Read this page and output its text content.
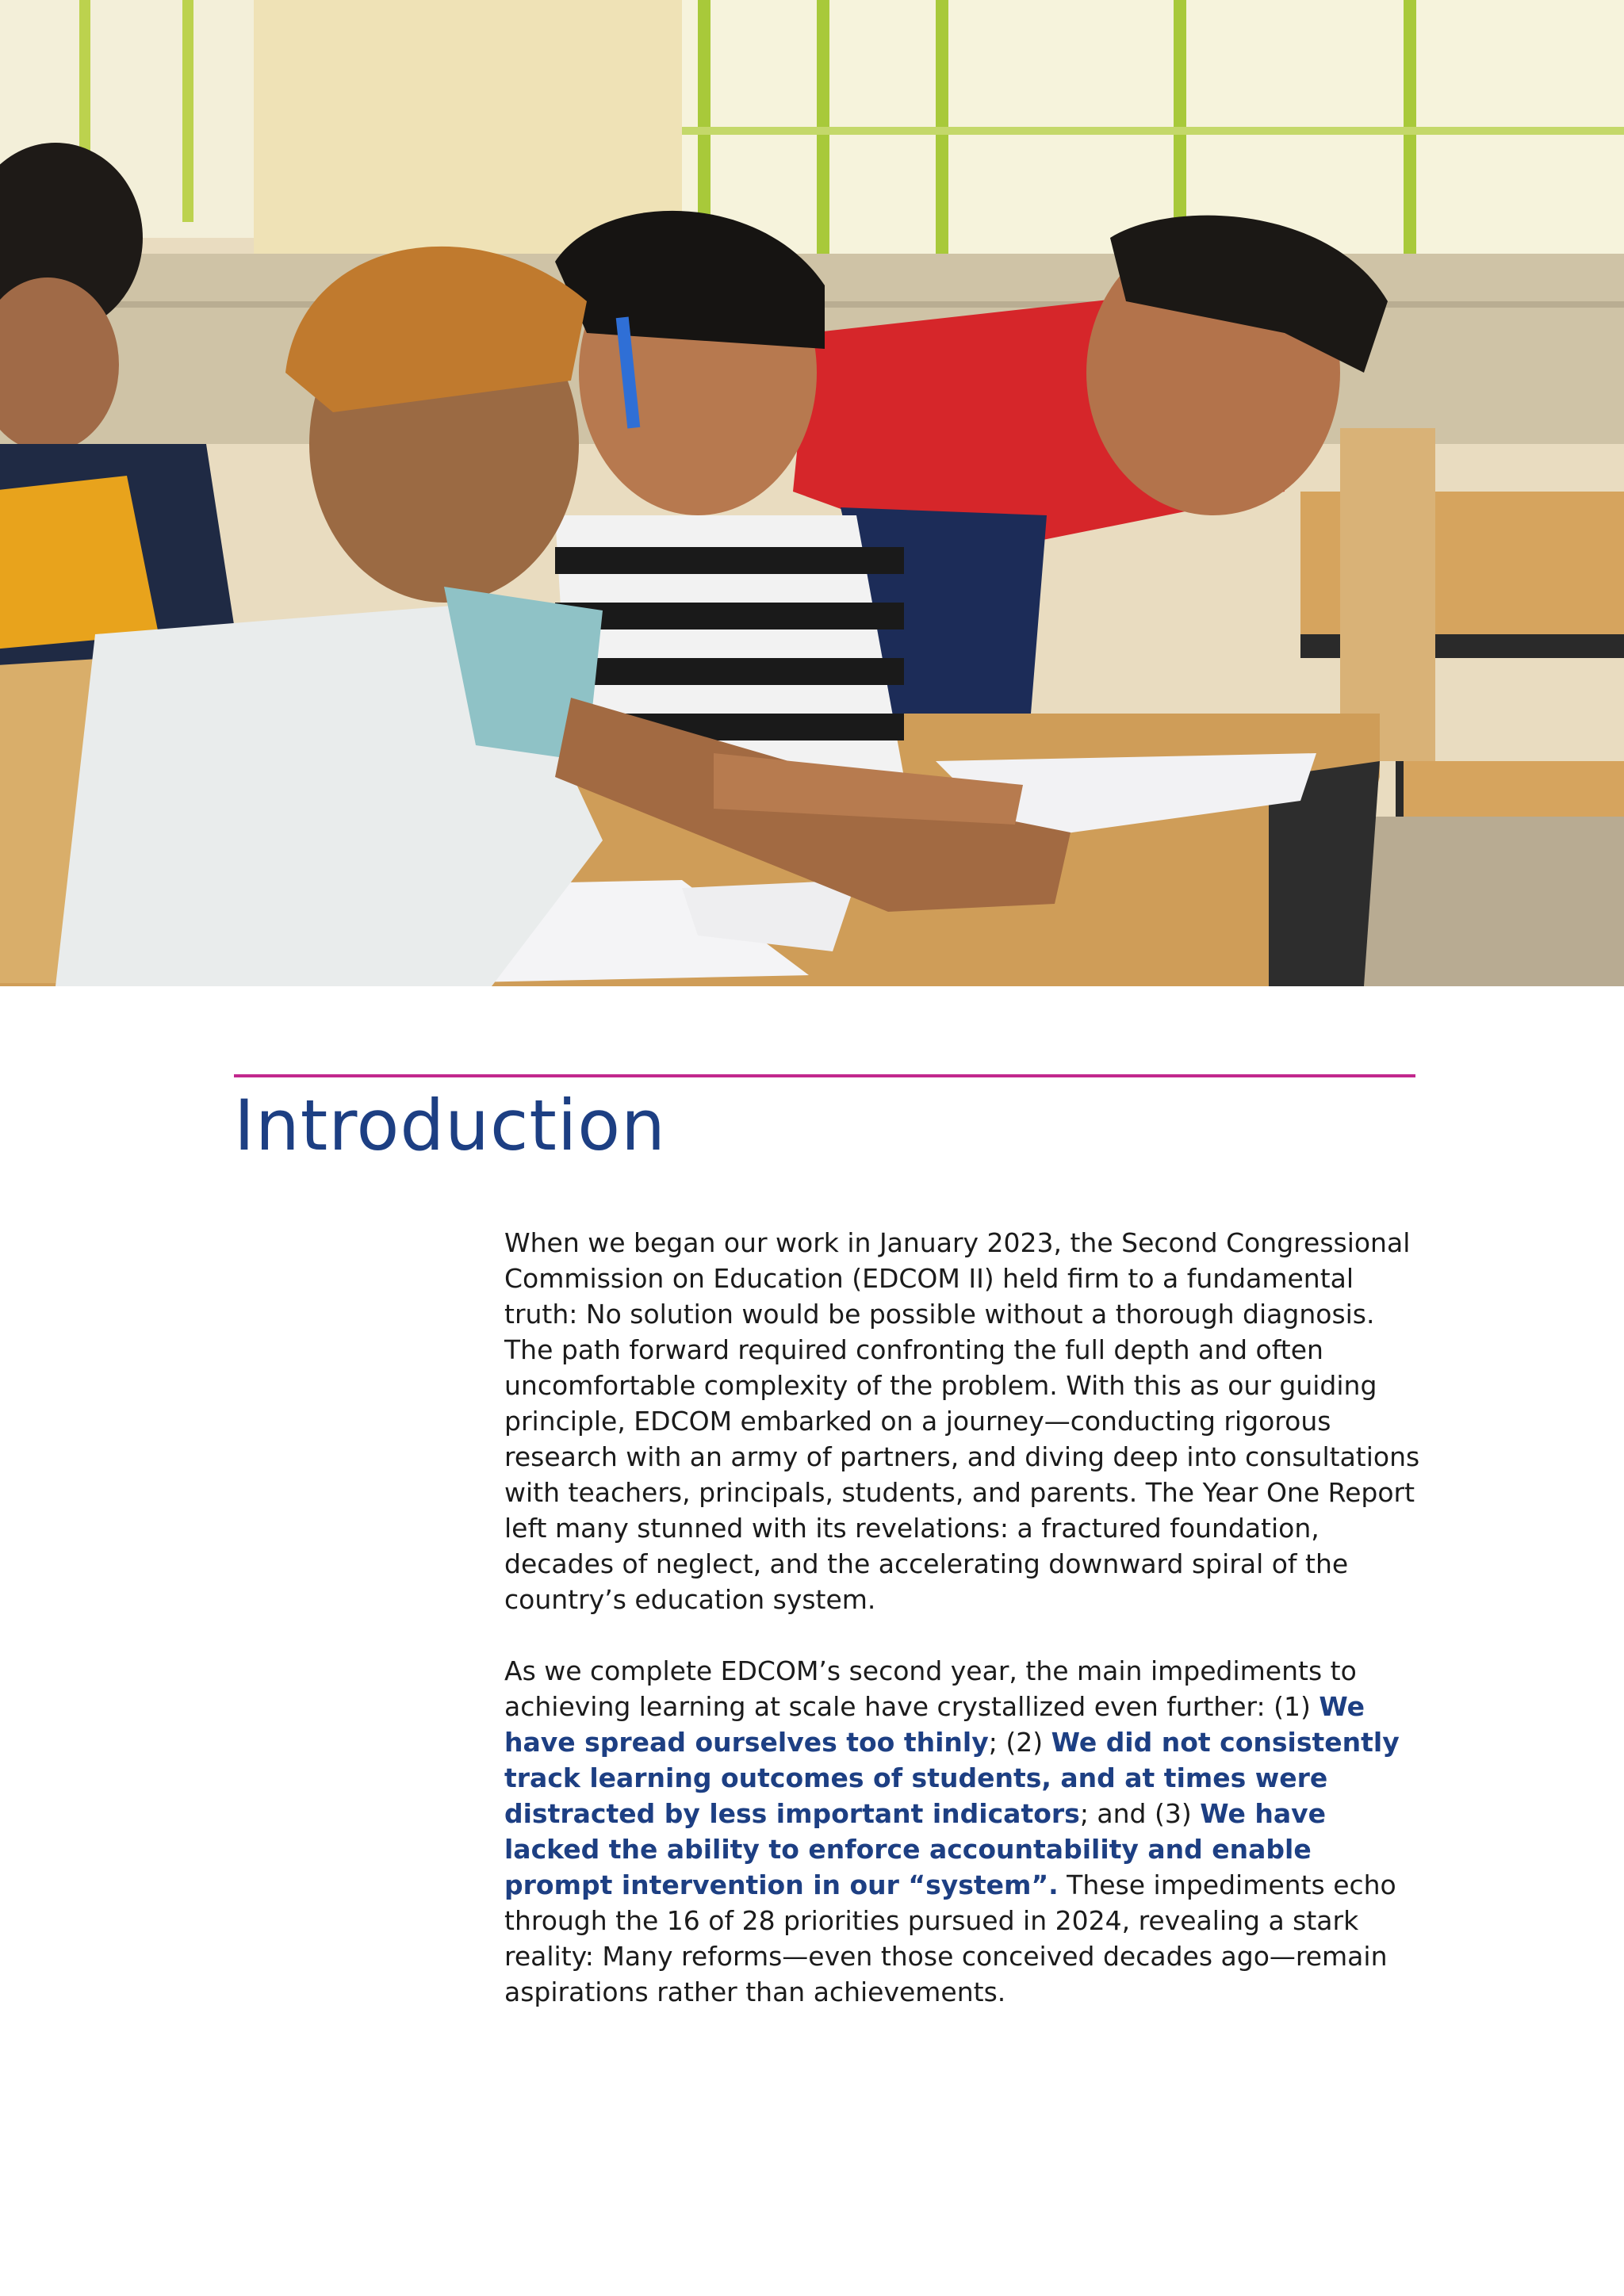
Introduction

When we began our work in January 2023, the Second Congressional Commission on Education (EDCOM II) held firm to a fundamental truth: No solution would be possible without a thorough diagnosis. The path forward required confronting the full depth and often uncomfortable complexity of the problem. With this as our guiding principle, EDCOM embarked on a journey—conducting rigorous research with an army of partners, and diving deep into consultations with teachers, principals, students, and parents. The Year One Report left many stunned with its revelations: a fractured foundation, decades of neglect, and the accelerating downward spiral of the country’s education system.

As we complete EDCOM’s second year, the main impediments to achieving learning at scale have crystallized even further: (1) We have spread ourselves too thinly; (2) We did not consistently track learning outcomes of students, and at times were distracted by less important indicators; and (3) We have lacked the ability to enforce accountability and enable prompt intervention in our “system”. These impediments echo through the 16 of 28 priorities pursued in 2024, revealing a stark reality: Many reforms—even those conceived decades ago—remain aspirations rather than achievements.
